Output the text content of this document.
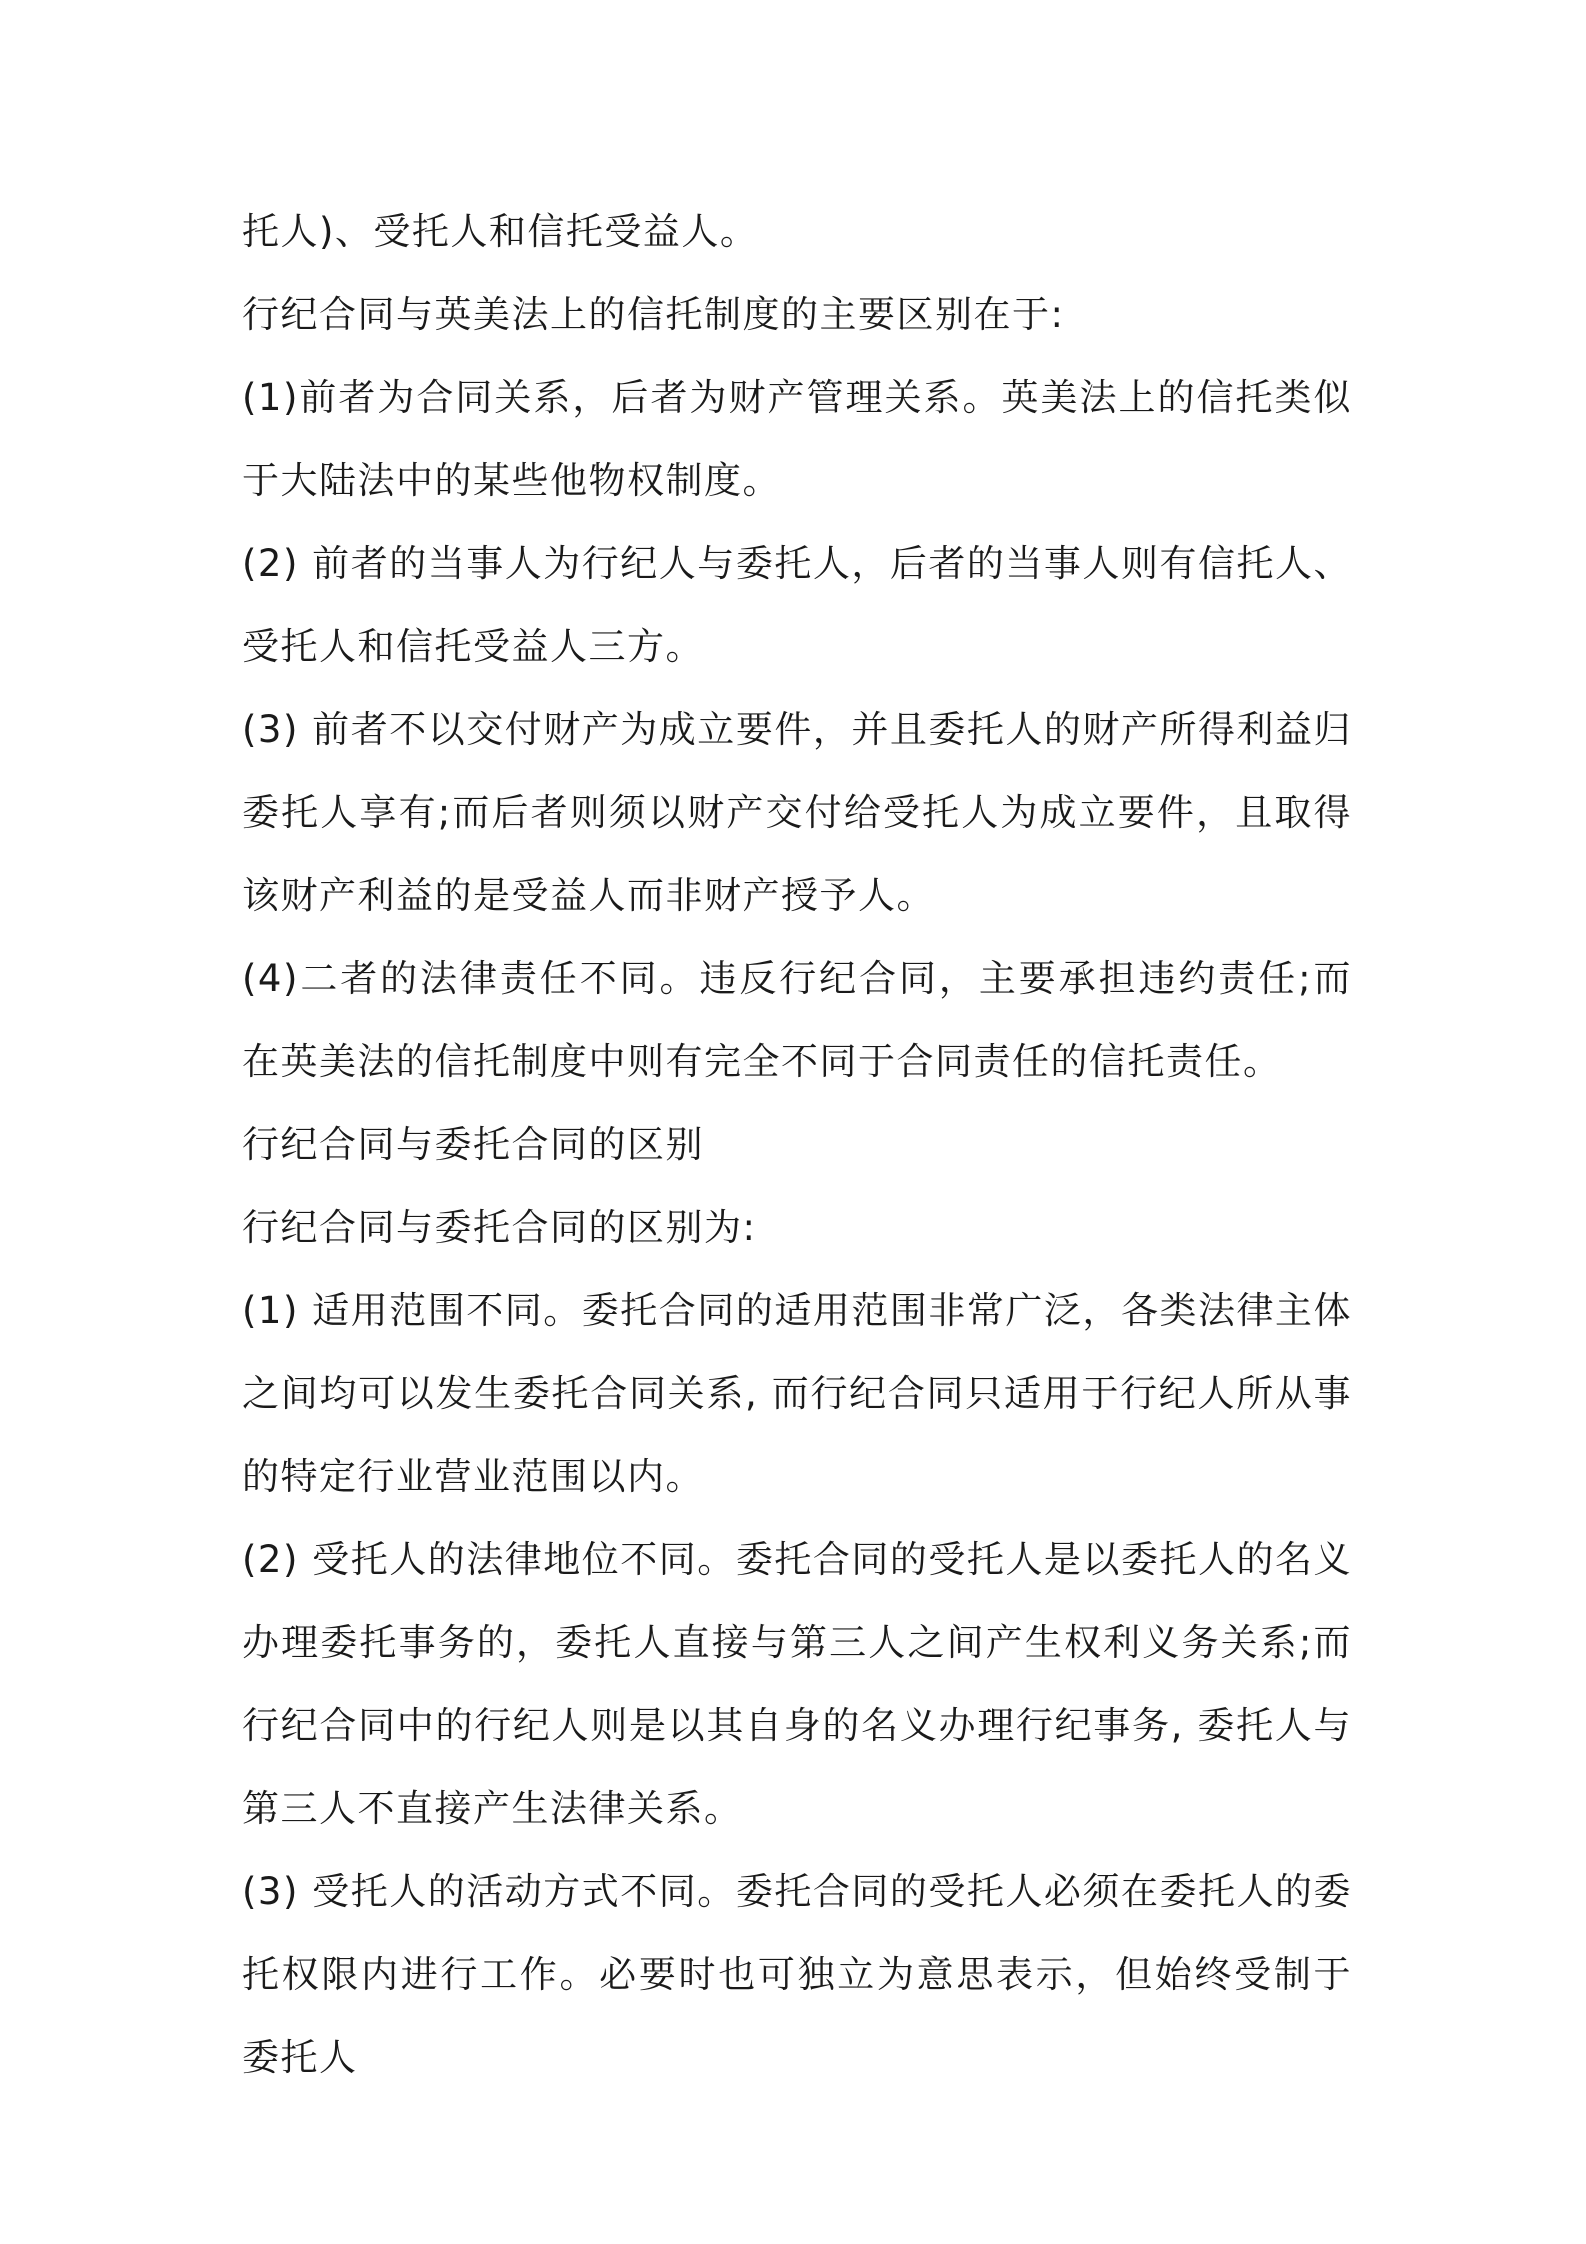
托人)、受托人和信托受益人。

行纪合同与英美法上的信托制度的主要区别在于:

(1)前者为合同关系，后者为财产管理关系。英美法上的信托类似于大陆法中的某些他物权制度。

(2) 前者的当事人为行纪人与委托人，后者的当事人则有信托人、受托人和信托受益人三方。

(3) 前者不以交付财产为成立要件，并且委托人的财产所得利益归委托人享有;而后者则须以财产交付给受托人为成立要件，且取得该财产利益的是受益人而非财产授予人。

(4)二者的法律责任不同。违反行纪合同，主要承担违约责任;而在英美法的信托制度中则有完全不同于合同责任的信托责任。

行纪合同与委托合同的区别

行纪合同与委托合同的区别为:

(1) 适用范围不同。委托合同的适用范围非常广泛，各类法律主体之间均可以发生委托合同关系, 而行纪合同只适用于行纪人所从事的特定行业营业范围以内。

(2) 受托人的法律地位不同。委托合同的受托人是以委托人的名义办理委托事务的，委托人直接与第三人之间产生权利义务关系;而行纪合同中的行纪人则是以其自身的名义办理行纪事务, 委托人与第三人不直接产生法律关系。

(3) 受托人的活动方式不同。委托合同的受托人必须在委托人的委托权限内进行工作。必要时也可独立为意思表示，但始终受制于委托人
